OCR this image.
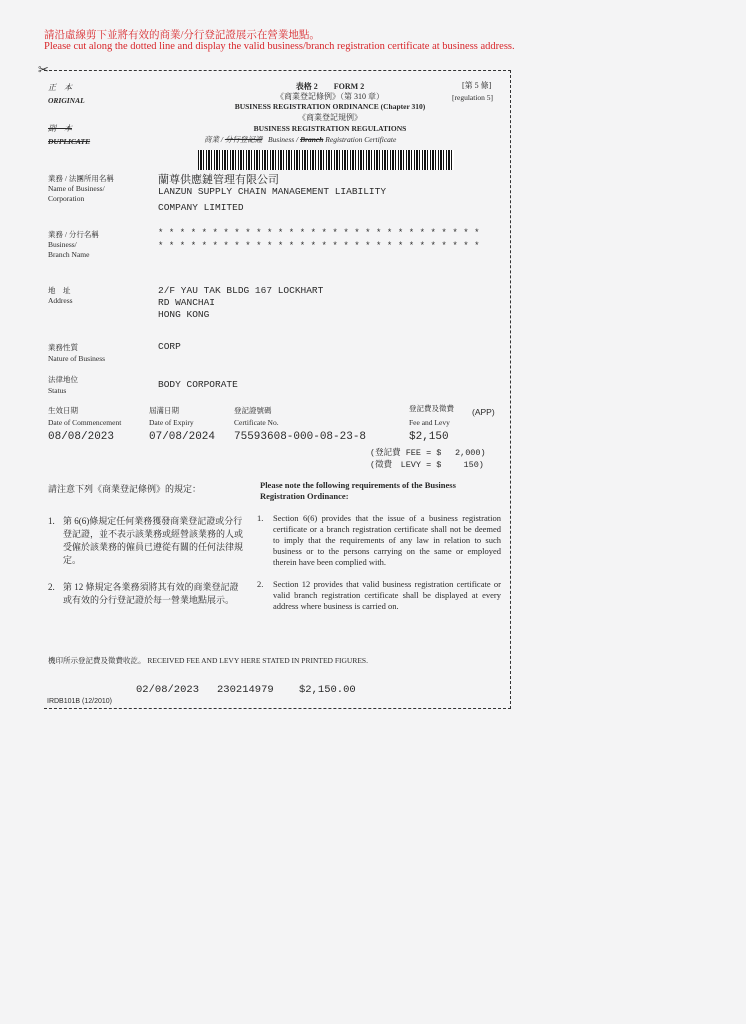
請沿虛線剪下並將有效的商業/分行登記證展示在營業地點。
Please cut along the dotted line and display the valid business/branch registration certificate at business address.
✂
正　本
ORIGINAL
副　本
DUPLICATE
表格 2　　FORM 2
《商業登記條例》（第 310 章）
BUSINESS REGISTRATION ORDINANCE (Chapter 310)
《商業登記規例》
BUSINESS REGISTRATION REGULATIONS
商業 / 分行登記證 Business / Branch Registration Certificate
[第 5 條]
[regulation 5]
業務 / 法團所用名稱
Name of Business/
Corporation
蘭尊供應鏈管理有限公司
LANZUN SUPPLY CHAIN MANAGEMENT LIABILITY
COMPANY LIMITED
業務 / 分行名稱
Business/
Branch Name
******************************
******************************
地　址
Address
2/F YAU TAK BLDG 167 LOCKHART
RD WANCHAI
HONG KONG
業務性質
Nature of Business
CORP
法律地位
Status
BODY CORPORATE
生效日期
Date of Commencement
08/08/2023
屆滿日期
Date of Expiry
07/08/2024
登記證號碼
Certificate No.
75593608-000-08-23-8
登記費及徵費
Fee and Levy
(APP)
$2,150
(登記費 FEE = $　 2,000)
(徵費　LEVY = $　　 150)
請注意下列《商業登記條例》的規定：	Please note the following requirements of the Business
Registration Ordinance:
1. 第 6(6)條規定任何業務獲發商業登記證或分行登記證，並不表示該業務或經營該業務的人或受僱於該業務的僱員已遵從有關的任何法律規定。
1. Section 6(6) provides that the issue of a business registration certificate or a branch registration certificate shall not be deemed to imply that the requirements of any law in relation to such business or to the persons carrying on the same or employed therein have been complied with.
2. 第 12 條規定各業務須將其有效的商業登記證或有效的分行登記證於每一營業地點展示。
2. Section 12 provides that valid business registration certificate or valid branch registration certificate shall be displayed at every address where business is carried on.
機印所示登記費及徵費收訖。 RECEIVED FEE AND LEVY HERE STATED IN PRINTED FIGURES.
02/08/2023 230214979 $2,150.00
IRDB101B (12/2010)
